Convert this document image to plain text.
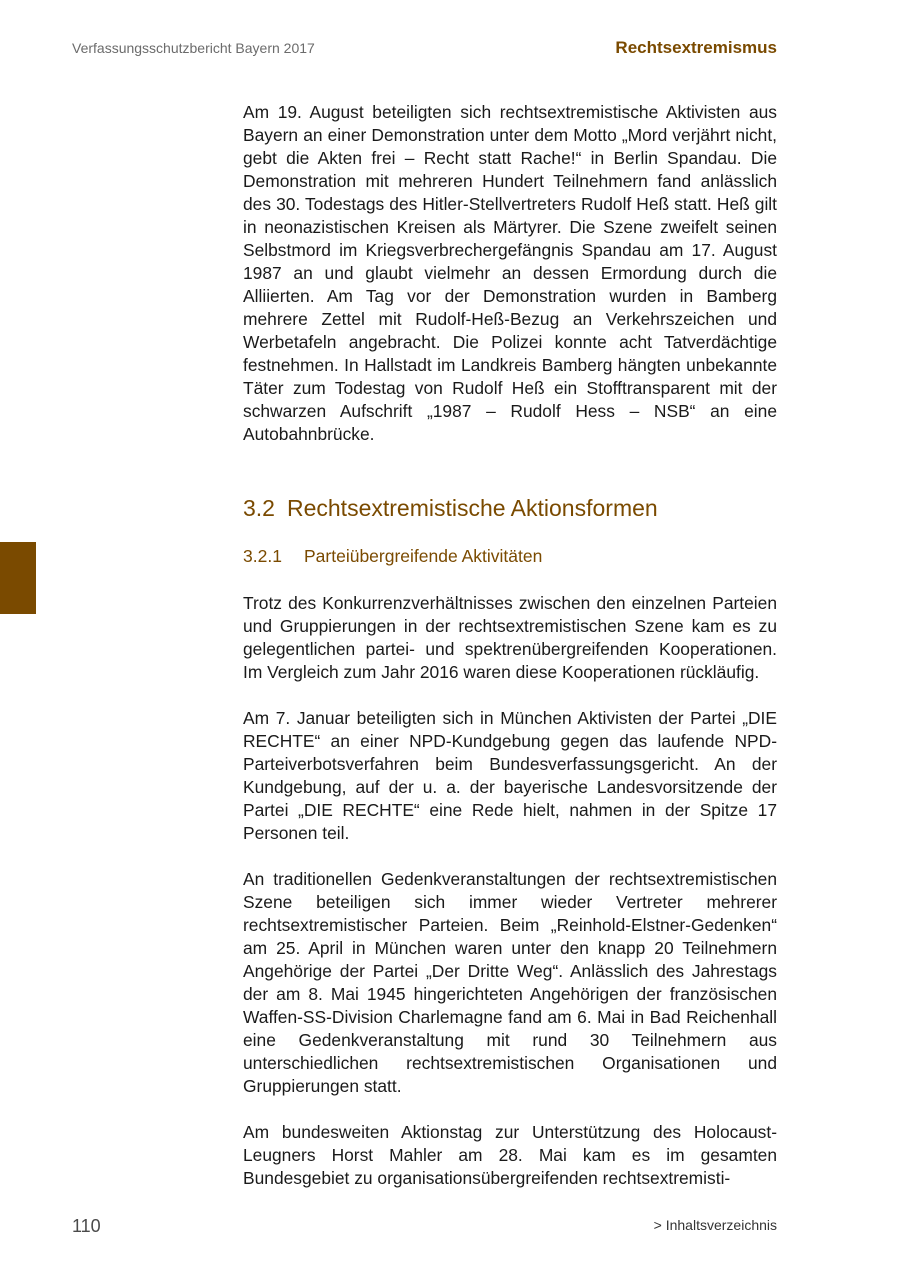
Verfassungsschutzbericht Bayern 2017	Rechtsextremismus

Am 19. August beteiligten sich rechtsextremistische Aktivisten aus Bayern an einer Demonstration unter dem Motto „Mord verjährt nicht, gebt die Akten frei – Recht statt Rache!“ in Berlin Spandau. Die Demonstration mit mehreren Hundert Teilnehmern fand anlässlich des 30. Todestags des Hitler-Stellvertreters Rudolf Heß statt. Heß gilt in neonazistischen Kreisen als Märtyrer. Die Szene zweifelt seinen Selbstmord im Kriegsverbrechergefängnis Spandau am 17. August 1987 an und glaubt vielmehr an dessen Ermordung durch die Alliierten. Am Tag vor der Demonstration wurden in Bamberg mehrere Zettel mit Rudolf-Heß-Bezug an Verkehrszeichen und Werbetafeln angebracht. Die Polizei konnte acht Tatverdächtige festnehmen. In Hallstadt im Landkreis Bamberg hängten unbekannte Täter zum Todestag von Rudolf Heß ein Stofftransparent mit der schwarzen Aufschrift „1987 – Rudolf Hess – NSB“ an eine Autobahnbrücke.

3.2 Rechtsextremistische Aktionsformen
3.2.1 Parteiübergreifende Aktivitäten

Trotz des Konkurrenzverhältnisses zwischen den einzelnen Parteien und Gruppierungen in der rechtsextremistischen Szene kam es zu gelegentlichen partei- und spektrenübergreifenden Kooperationen. Im Vergleich zum Jahr 2016 waren diese Kooperationen rückläufig.

Am 7. Januar beteiligten sich in München Aktivisten der Partei „DIE RECHTE“ an einer NPD-Kundgebung gegen das laufende NPD-Parteiverbotsverfahren beim Bundesverfassungsgericht. An der Kundgebung, auf der u. a. der bayerische Landesvorsitzende der Partei „DIE RECHTE“ eine Rede hielt, nahmen in der Spitze 17 Personen teil.

An traditionellen Gedenkveranstaltungen der rechtsextremistischen Szene beteiligen sich immer wieder Vertreter mehrerer rechtsextremistischer Parteien. Beim „Reinhold-Elstner-Gedenken“ am 25. April in München waren unter den knapp 20 Teilnehmern Angehörige der Partei „Der Dritte Weg“. Anlässlich des Jahrestags der am 8. Mai 1945 hingerichteten Angehörigen der französischen Waffen-SS-Division Charlemagne fand am 6. Mai in Bad Reichenhall eine Gedenkveranstaltung mit rund 30 Teilnehmern aus unterschiedlichen rechtsextremistischen Organisationen und Gruppierungen statt.

Am bundesweiten Aktionstag zur Unterstützung des Holocaust-Leugners Horst Mahler am 28. Mai kam es im gesamten Bundesgebiet zu organisationsübergreifenden rechtsextremisti-

110	> Inhaltsverzeichnis
